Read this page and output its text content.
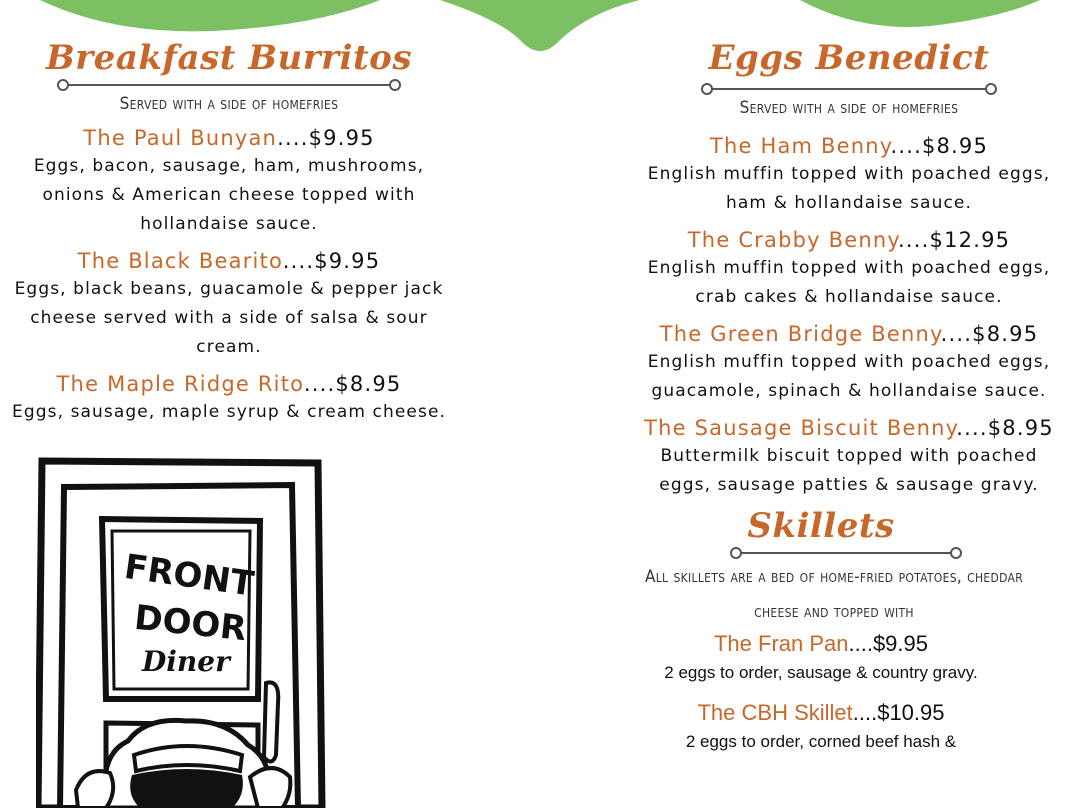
Breakfast Burritos

Served with a side of homefries

The Paul Bunyan....$9.95
Eggs, bacon, sausage, ham, mushrooms, onions & American cheese topped with hollandaise sauce.
The Black Bearito....$9.95
Eggs, black beans, guacamole & pepper jack cheese served with a side of salsa & sour cream.
The Maple Ridge Rito....$8.95
Eggs, sausage, maple syrup & cream cheese.
FRONT
DOOR
Diner
Eggs Benedict

Served with a side of homefries

The Ham Benny....$8.95
English muffin topped with poached eggs, ham & hollandaise sauce.
The Crabby Benny....$12.95
English muffin topped with poached eggs, crab cakes & hollandaise sauce.
The Green Bridge Benny....$8.95
English muffin topped with poached eggs, guacamole, spinach & hollandaise sauce.
The Sausage Biscuit Benny....$8.95
Buttermilk biscuit topped with poached eggs, sausage patties & sausage gravy.
Skillets

All skillets are a bed of home-fried potatoes, cheddar cheese and topped with

The Fran Pan....$9.95
2 eggs to order, sausage & country gravy.
The CBH Skillet....$10.95
2 eggs to order, corned beef hash &
